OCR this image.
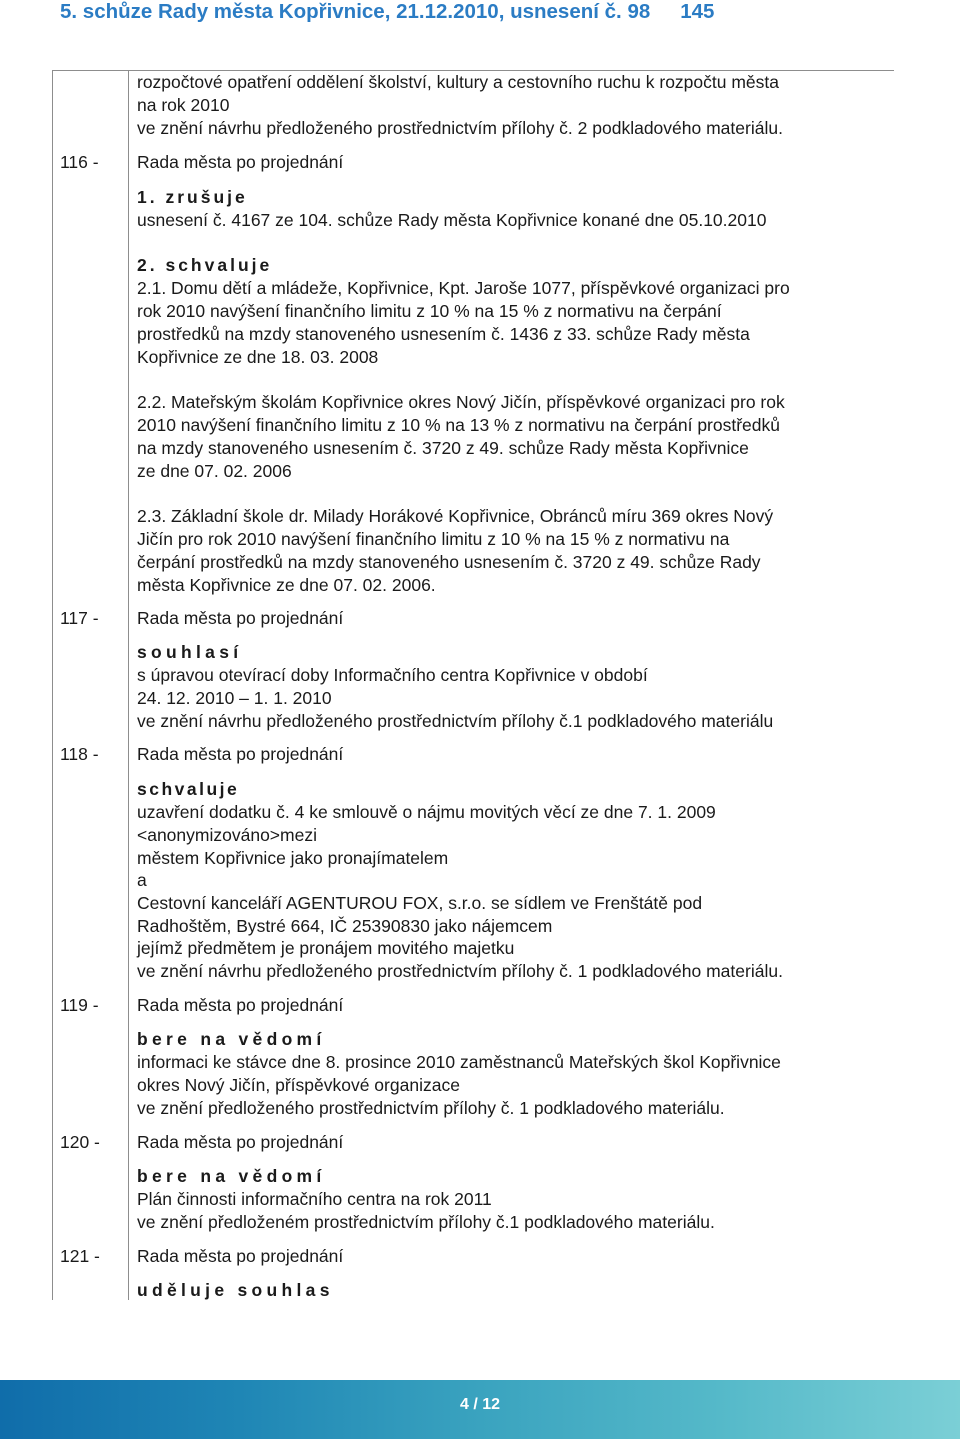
5. schůze Rady města Kopřivnice, 21.12.2010, usnesení č. 98 145
rozpočtové opatření oddělení školství, kultury a cestovního ruchu k rozpočtu města
na rok 2010
ve znění návrhu předloženého prostřednictvím přílohy č. 2 podkladového materiálu.
116 - Rada města po projednání
1. zrušuje
usnesení č. 4167 ze 104. schůze Rady města Kopřivnice konané dne 05.10.2010
2. schvaluje
2.1. Domu dětí a mládeže, Kopřivnice, Kpt. Jaroše 1077, příspěvkové organizaci pro
rok 2010 navýšení finančního limitu z 10 % na 15 % z normativu na čerpání
prostředků na mzdy stanoveného usnesením č. 1436 z 33. schůze Rady města
Kopřivnice ze dne 18. 03. 2008
2.2. Mateřským školám Kopřivnice okres Nový Jičín, příspěvkové organizaci pro rok
2010 navýšení finančního limitu z 10 % na 13 % z normativu na čerpání prostředků
na mzdy stanoveného usnesením č. 3720 z 49. schůze Rady města Kopřivnice
ze dne 07. 02. 2006
2.3. Základní škole dr. Milady Horákové Kopřivnice, Obránců míru 369 okres Nový
Jičín pro rok 2010 navýšení finančního limitu z 10 % na 15 % z normativu na
čerpání prostředků na mzdy stanoveného usnesením č. 3720 z 49. schůze Rady
města Kopřivnice ze dne 07. 02. 2006.
117 - Rada města po projednání
souhlasí
s úpravou otevírací doby Informačního centra Kopřivnice v období
24. 12. 2010 – 1. 1. 2010
ve znění návrhu předloženého prostřednictvím přílohy č.1 podkladového materiálu
118 - Rada města po projednání
schvaluje
uzavření dodatku č. 4 ke smlouvě o nájmu movitých věcí ze dne 7. 1. 2009
<anonymizováno>mezi
městem Kopřivnice jako pronajímatelem
a
Cestovní kanceláří AGENTUROU FOX, s.r.o. se sídlem ve Frenštátě pod
Radhoštěm, Bystré 664, IČ 25390830 jako nájemcem
jejímž předmětem je pronájem movitého majetku
ve znění návrhu předloženého prostřednictvím přílohy č. 1 podkladového materiálu.
119 - Rada města po projednání
bere na vědomí
informaci ke stávce dne 8. prosince 2010 zaměstnanců Mateřských škol Kopřivnice
okres Nový Jičín, příspěvkové organizace
ve znění předloženého prostřednictvím přílohy č. 1 podkladového materiálu.
120 - Rada města po projednání
bere na vědomí
Plán činnosti informačního centra na rok 2011
ve znění předloženém prostřednictvím přílohy č.1 podkladového materiálu.
121 - Rada města po projednání
uděluje souhlas
4 / 12
